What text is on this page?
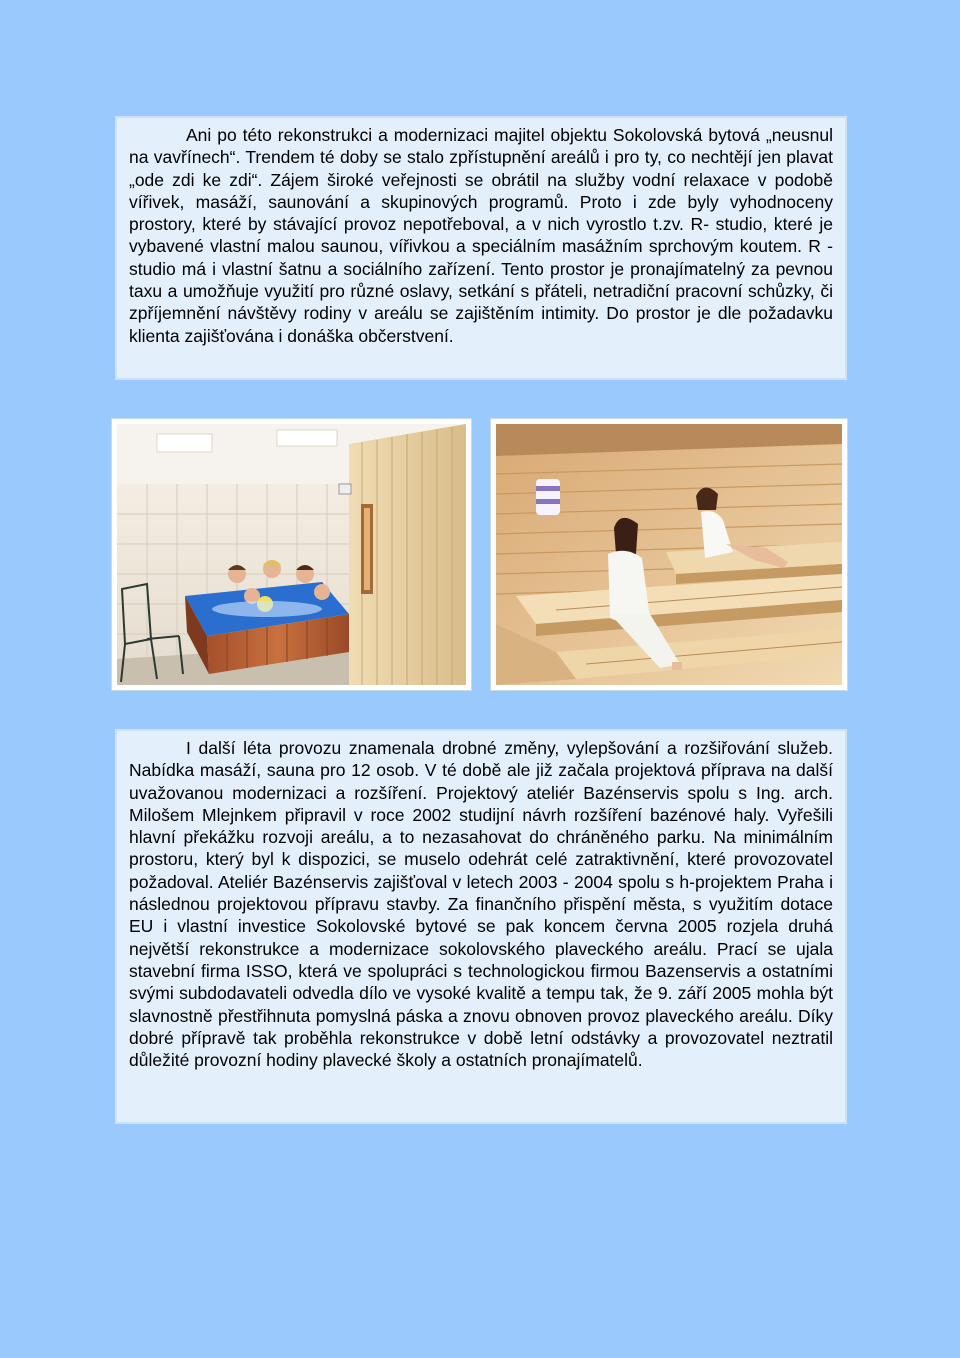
Ani po této rekonstrukci a modernizaci majitel objektu Sokolovská bytová „neusnul na vavřínech“. Trendem té doby se stalo zpřístupnění areálů i pro ty, co nechtějí jen plavat „ode zdi ke zdi“. Zájem široké veřejnosti se obrátil na služby vodní relaxace v podobě vířivek, masáží, saunování a skupinových programů. Proto i zde byly vyhodnoceny prostory, které by stávající provoz nepotřeboval, a v nich vyrostlo t.zv. R- studio, které je vybavené vlastní malou saunou, vířivkou a speciálním masážním sprchovým koutem. R - studio má i vlastní šatnu a sociálního zařízení. Tento prostor je pronajímatelný za pevnou taxu a umožňuje využití pro různé oslavy, setkání s přáteli, netradiční pracovní schůzky, či zpříjemnění návštěvy rodiny v areálu se zajištěním intimity. Do prostor je dle požadavku klienta zajišťována i donáška občerstvení.

I další léta provozu znamenala drobné změny, vylepšování a rozšiřování služeb. Nabídka masáží, sauna pro 12 osob. V té době ale již začala projektová příprava na další uvažovanou modernizaci a rozšíření. Projektový ateliér Bazénservis spolu s Ing. arch. Milošem Mlejnkem připravil v roce 2002 studijní návrh rozšíření bazénové haly. Vyřešili hlavní překážku rozvoji areálu, a to nezasahovat do chráněného parku. Na minimálním prostoru, který byl k dispozici, se muselo odehrát celé zatraktivnění, které provozovatel požadoval. Ateliér Bazénservis zajišťoval v letech 2003 - 2004 spolu s h-projektem Praha i následnou projektovou přípravu stavby. Za finančního přispění města, s využitím dotace EU i vlastní investice Sokolovské bytové se pak koncem června 2005 rozjela druhá největší rekonstrukce a modernizace sokolovského plaveckého areálu. Prací se ujala stavební firma ISSO, která ve spolupráci s technologickou firmou Bazenservis a ostatními svými subdodavateli odvedla dílo ve vysoké kvalitě a tempu tak, že 9. září 2005 mohla být slavnostně přestřihnuta pomyslná páska a znovu obnoven provoz plaveckého areálu. Díky dobré přípravě tak proběhla rekonstrukce v době letní odstávky a provozovatel neztratil důležité provozní hodiny plavecké školy a ostatních pronajímatelů.
